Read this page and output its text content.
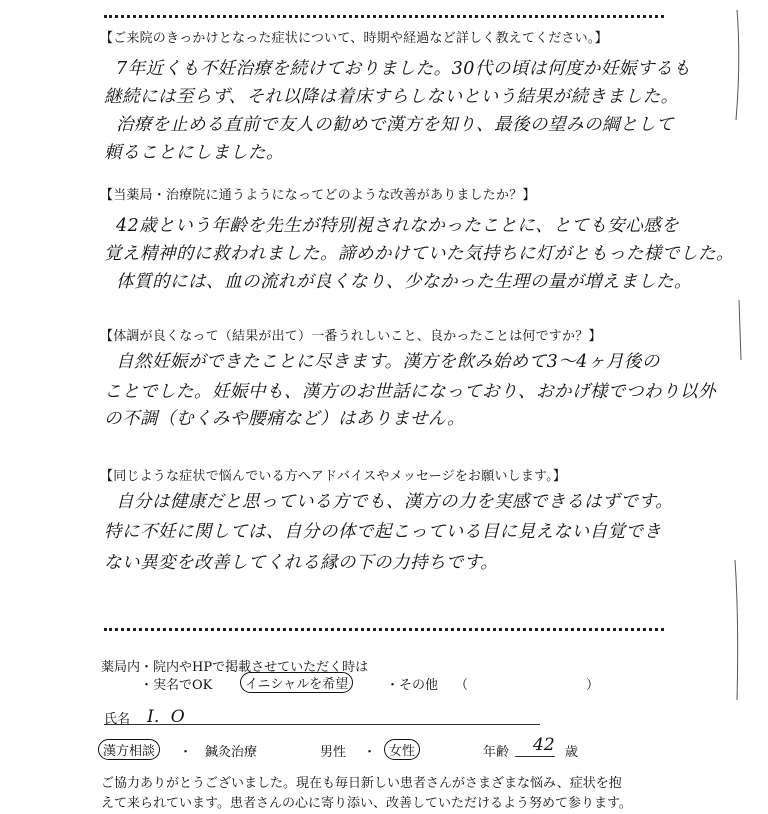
【ご来院のきっかけとなった症状について、時期や経過など詳しく教えてください。】
7年近くも不妊治療を続けておりました。30代の頃は何度か妊娠するも
継続には至らず、それ以降は着床すらしないという結果が続きました。
治療を止める直前で友人の勧めで漢方を知り、最後の望みの綱として
頼ることにしました。
【当薬局・治療院に通うようになってどのような改善がありましたか？】
42歳という年齢を先生が特別視されなかったことに、とても安心感を
覚え精神的に救われました。諦めかけていた気持ちに灯がともった様でした。
体質的には、血の流れが良くなり、少なかった生理の量が増えました。
【体調が良くなって（結果が出て）一番うれしいこと、良かったことは何ですか？】
自然妊娠ができたことに尽きます。漢方を飲み始めて3～4ヶ月後の
ことでした。妊娠中も、漢方のお世話になっており、おかげ様でつわり以外
の不調（むくみや腰痛など）はありません。
【同じような症状で悩んでいる方へアドバイスやメッセージをお願いします。】
自分は健康だと思っている方でも、漢方の力を実感できるはずです。
特に不妊に関しては、自分の体で起こっている目に見えない自覚でき
ない異変を改善してくれる縁の下の力持ちです。
薬局内・院内やHPで掲載させていただく時は
・実名でOK	イニシャルを希望	・その他 （	）
氏名 I．O
漢方相談	・ 鍼灸治療	男性 ・ 女性	年齢 42 歳
ご協力ありがとうございました。現在も毎日新しい患者さんがさまざまな悩み、症状を抱
えて来られています。患者さんの心に寄り添い、改善していただけるよう努めて参ります。
